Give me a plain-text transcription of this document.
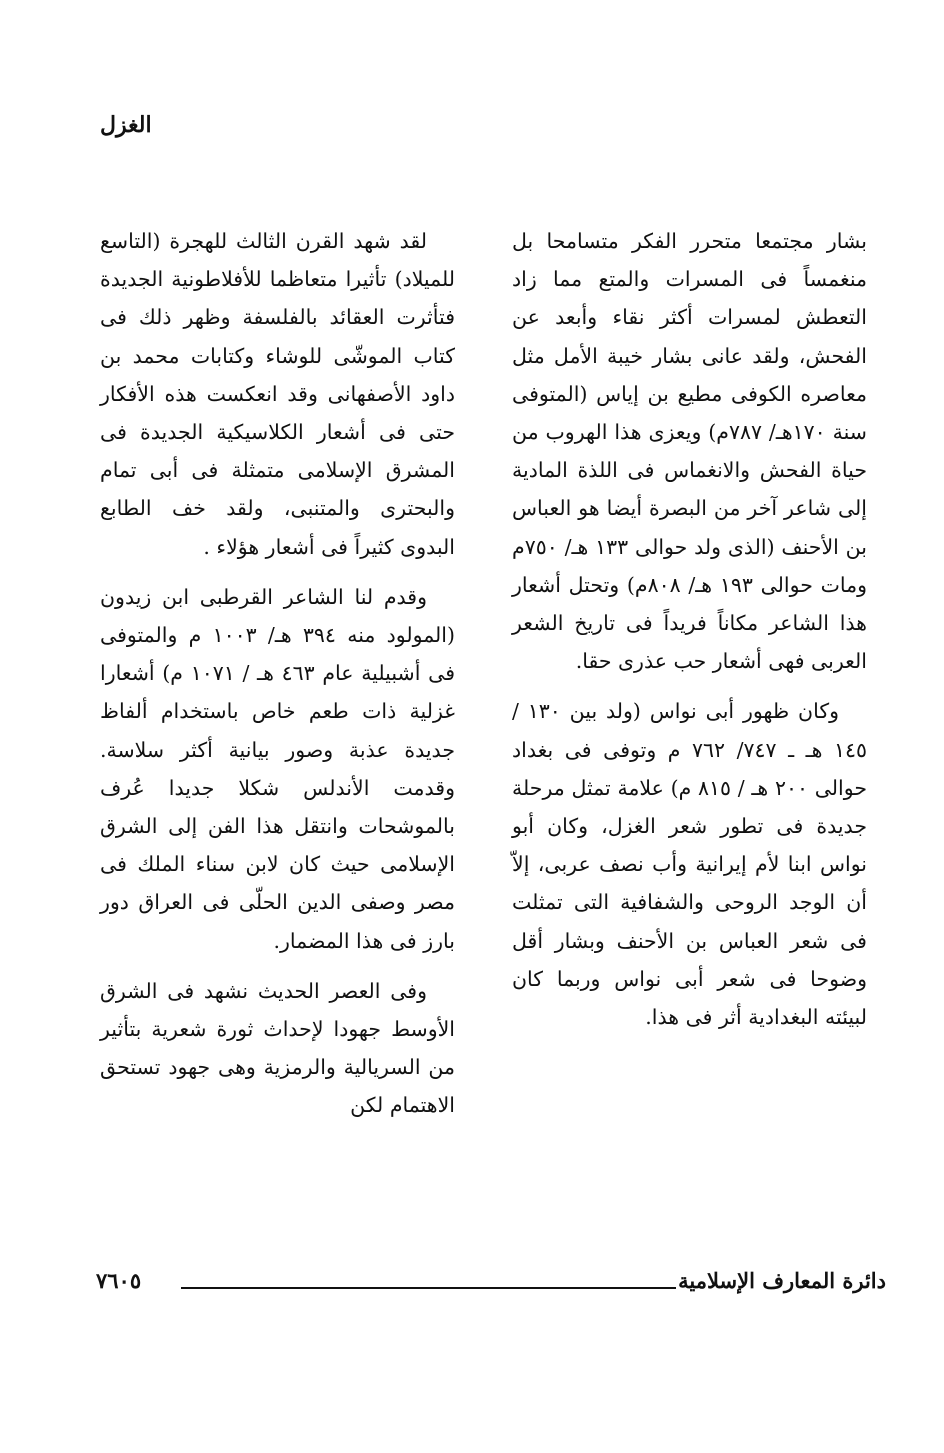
الغزل

بشار مجتمعا متحرر الفكر متسامحا بل منغمساً فى المسرات والمتع مما زاد التعطش لمسرات أكثر نقاء وأبعد عن الفحش، ولقد عانى بشار خيبة الأمل مثل معاصره الكوفى مطيع بن إياس (المتوفى سنة ١٧٠هـ/ ٧٨٧م) ويعزى هذا الهروب من حياة الفحش والانغماس فى اللذة المادية إلى شاعر آخر من البصرة أيضا هو العباس بن الأحنف (الذى ولد حوالى ١٣٣ هـ/ ٧٥٠م ومات حوالى ١٩٣ هـ/ ٨٠٨م) وتحتل أشعار هذا الشاعر مكاناً فريداً فى تاريخ الشعر العربى فهى أشعار حب عذرى حقا.

وكان ظهور أبى نواس (ولد بين ١٣٠ / ١٤٥ هـ ـ ٧٤٧/ ٧٦٢ م وتوفى فى بغداد حوالى ٢٠٠ هـ / ٨١٥ م) علامة تمثل مرحلة جديدة فى تطور شعر الغزل، وكان أبو نواس ابنا لأم إيرانية وأب نصف عربى، إلاّ أن الوجد الروحى والشفافية التى تمثلت فى شعر العباس بن الأحنف وبشار أقل وضوحا فى شعر أبى نواس وربما كان لبيئته البغدادية أثر فى هذا.

لقد شهد القرن الثالث للهجرة (التاسع للميلاد) تأثيرا متعاظما للأفلاطونية الجديدة فتأثرت العقائد بالفلسفة وظهر ذلك فى كتاب الموشّى للوشاء وكتابات محمد بن داود الأصفهانى وقد انعكست هذه الأفكار حتى فى أشعار الكلاسيكية الجديدة فى المشرق الإسلامى متمثلة فى أبى تمام والبحترى والمتنبى، ولقد خف الطابع البدوى كثيراً فى أشعار هؤلاء .

وقدم لنا الشاعر القرطبى ابن زيدون (المولود منه ٣٩٤ هـ/ ١٠٠٣ م والمتوفى فى أشبيلية عام ٤٦٣ هـ / ١٠٧١ م) أشعارا غزلية ذات طعم خاص باستخدام ألفاظ جديدة عذبة وصور بيانية أكثر سلاسة. وقدمت الأندلس شكلا جديدا عُرف بالموشحات وانتقل هذا الفن إلى الشرق الإسلامى حيث كان لابن سناء الملك فى مصر وصفى الدين الحلّى فى العراق دور بارز فى هذا المضمار.

وفى العصر الحديث نشهد فى الشرق الأوسط جهودا لإحداث ثورة شعرية بتأثير من السريالية والرمزية وهى جهود تستحق الاهتمام لكن

دائرة المعارف الإسلامية
٧٦٠٥
